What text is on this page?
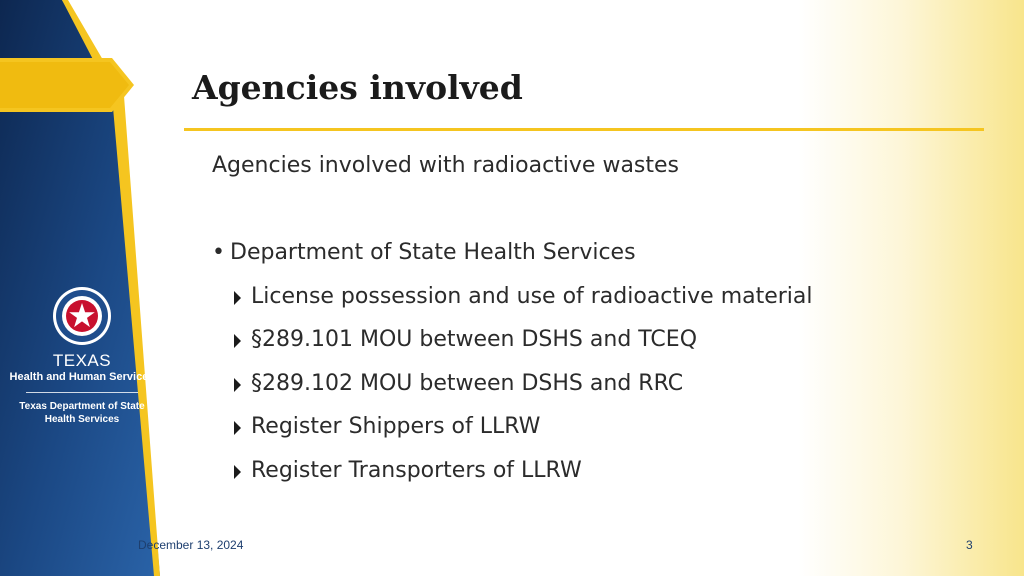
TEXAS
Health and Human Services
Texas Department of State
Health Services
Agencies involved
Agencies involved with radioactive wastes
• Department of State Health Services
License possession and use of radioactive material
§289.101 MOU between DSHS and TCEQ
§289.102 MOU between DSHS and RRC
Register Shippers of LLRW
Register Transporters of LLRW
December 13, 2024	3
